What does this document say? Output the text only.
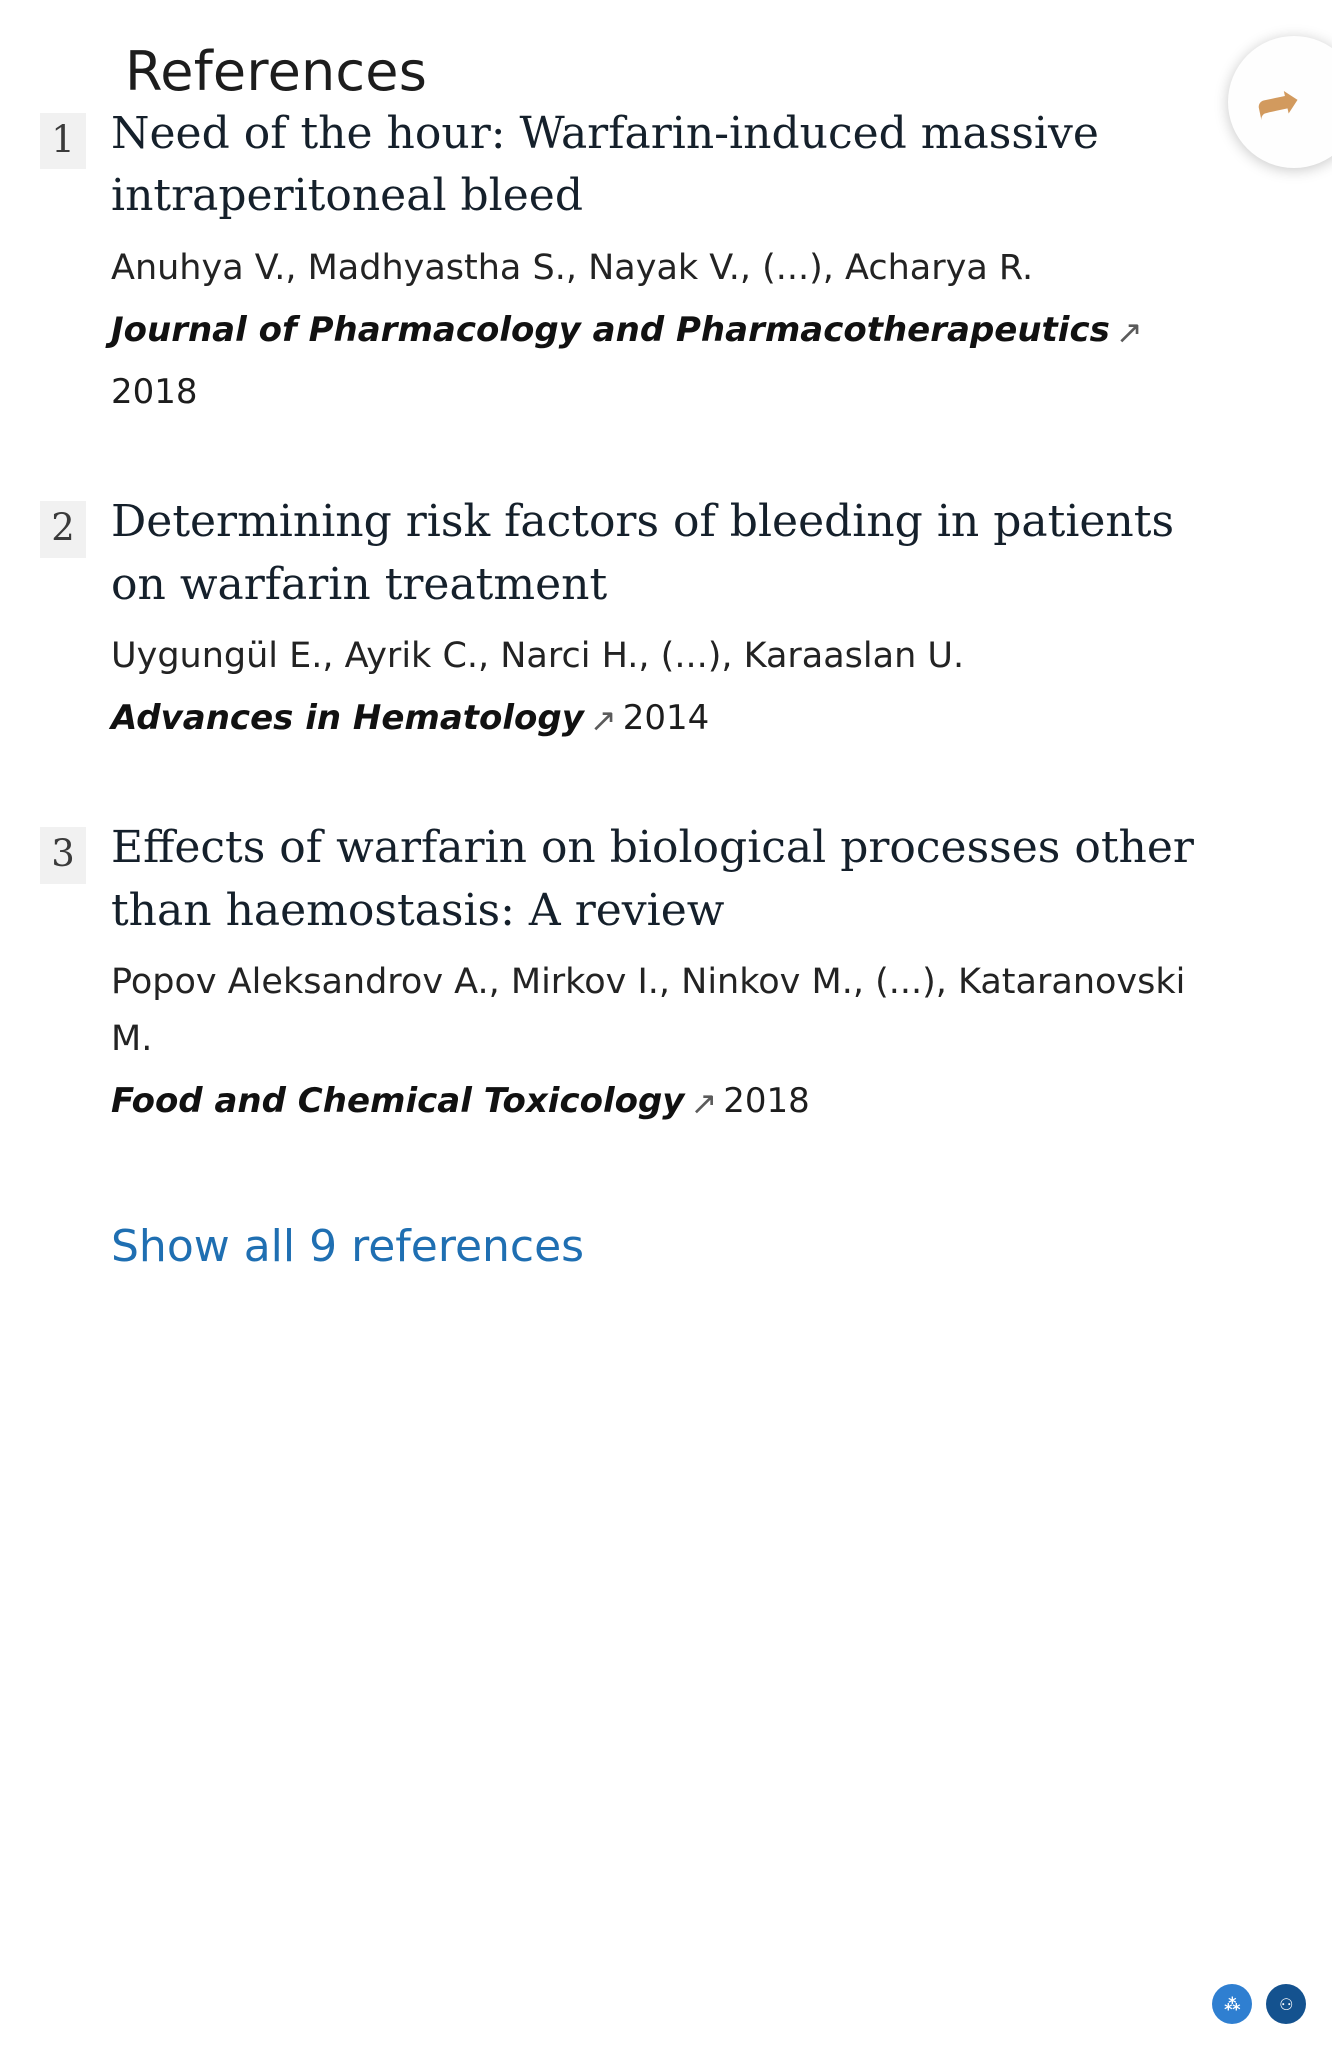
References	➦
1 Need of the hour: Warfarin-induced massive intraperitoneal bleed
Anuhya V., Madhyastha S., Nayak V., (...), Acharya R.
Journal of Pharmacology and Pharmacotherapeutics ↗
2018
2 Determining risk factors of bleeding in patients on warfarin treatment
Uygungül E., Ayrik C., Narci H., (...), Karaaslan U.
Advances in Hematology ↗ 2014
3 Effects of warfarin on biological processes other than haemostasis: A review
Popov Aleksandrov A., Mirkov I., Ninkov M., (...), Kataranovski M.
Food and Chemical Toxicology ↗ 2018
Show all 9 references
⁂	⚇
